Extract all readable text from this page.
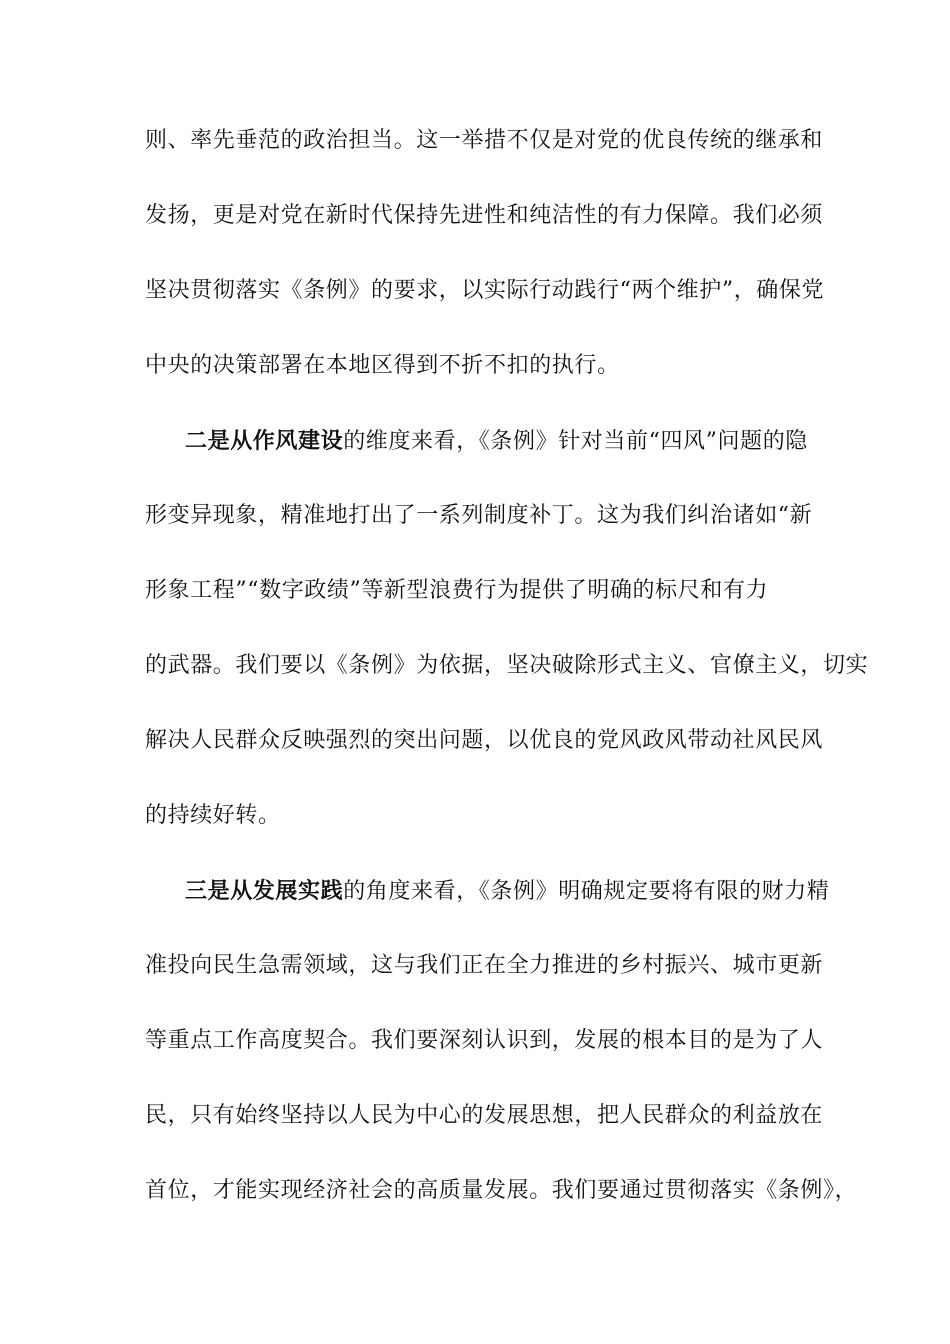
则、率先垂范的政治担当。这一举措不仅是对党的优良传统的继承和
发扬，更是对党在新时代保持先进性和纯洁性的有力保障。我们必须
坚决贯彻落实《条例》的要求，以实际行动践行“两个维护”，确保党
中央的决策部署在本地区得到不折不扣的执行。
二是从作风建设的维度来看，《条例》针对当前“四风”问题的隐
形变异现象，精准地打出了一系列制度补丁。这为我们纠治诸如“新
形象工程”“数字政绩”等新型浪费行为提供了明确的标尺和有力
的武器。我们要以《条例》为依据，坚决破除形式主义、官僚主义，切实
解决人民群众反映强烈的突出问题，以优良的党风政风带动社风民风
的持续好转。
三是从发展实践的角度来看，《条例》明确规定要将有限的财力精
准投向民生急需领域，这与我们正在全力推进的乡村振兴、城市更新
等重点工作高度契合。我们要深刻认识到，发展的根本目的是为了人
民，只有始终坚持以人民为中心的发展思想，把人民群众的利益放在
首位，才能实现经济社会的高质量发展。我们要通过贯彻落实《条例》，
